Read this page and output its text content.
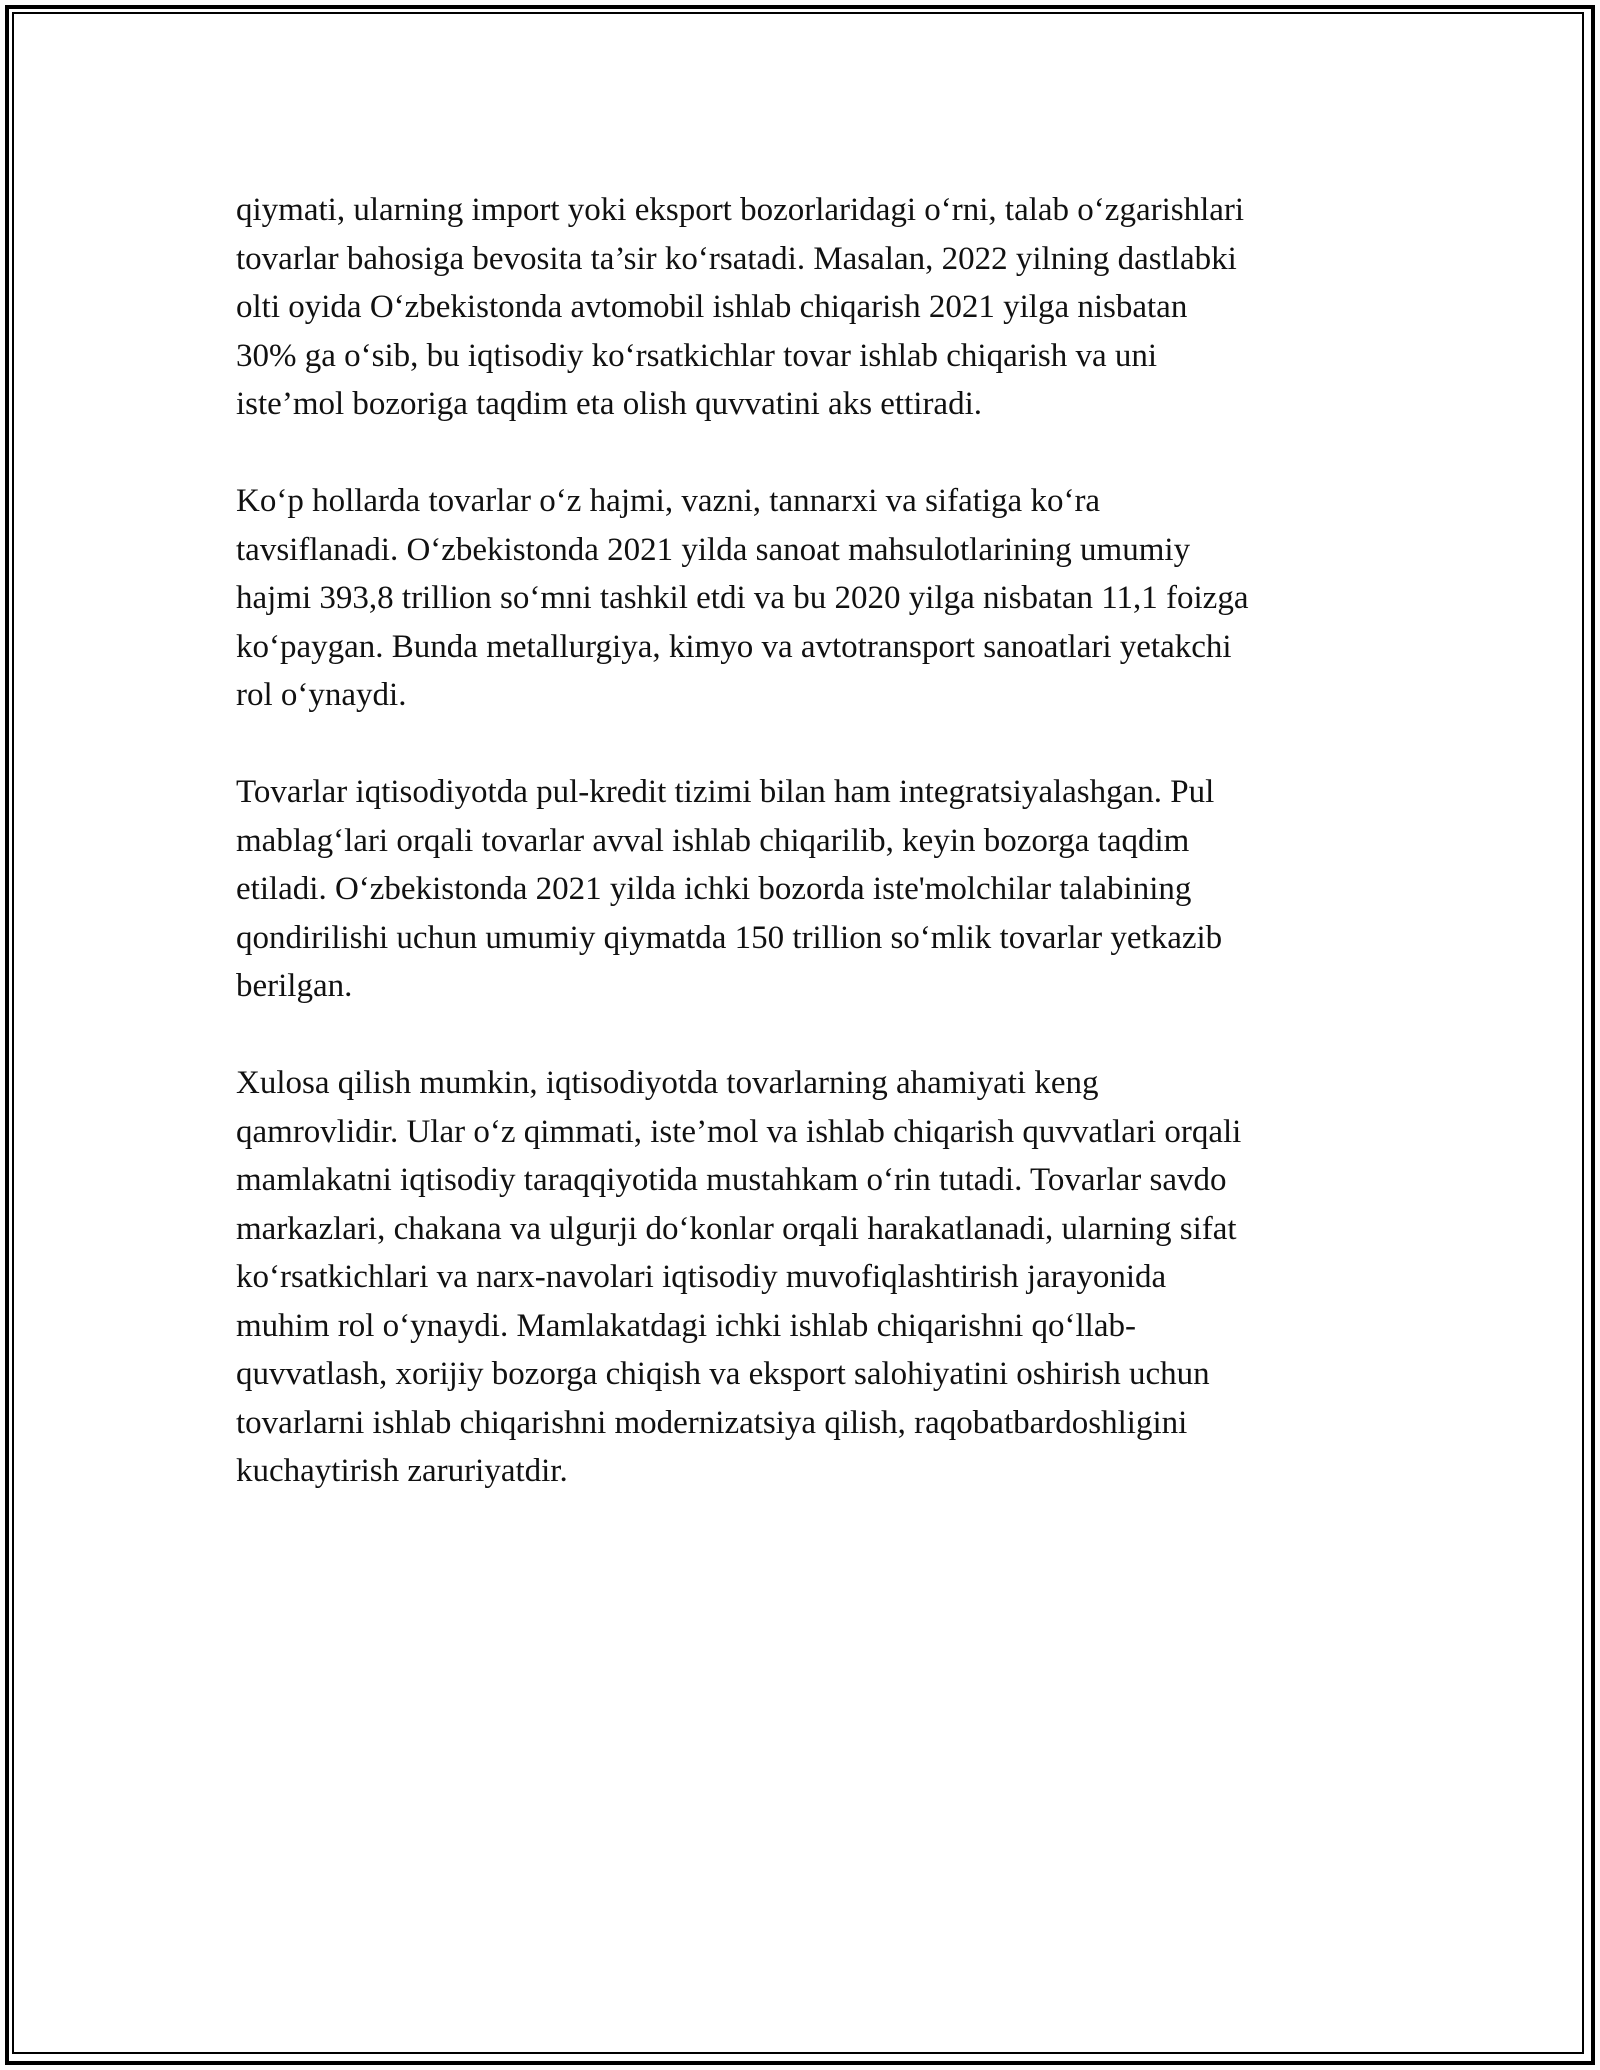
qiymati, ularning import yoki eksport bozorlaridagi o‘rni, talab o‘zgarishlari
tovarlar bahosiga bevosita ta’sir ko‘rsatadi. Masalan, 2022 yilning dastlabki
olti oyida O‘zbekistonda avtomobil ishlab chiqarish 2021 yilga nisbatan
30% ga o‘sib, bu iqtisodiy ko‘rsatkichlar tovar ishlab chiqarish va uni
iste’mol bozoriga taqdim eta olish quvvatini aks ettiradi.

Ko‘p hollarda tovarlar o‘z hajmi, vazni, tannarxi va sifatiga ko‘ra
tavsiflanadi. O‘zbekistonda 2021 yilda sanoat mahsulotlarining umumiy
hajmi 393,8 trillion so‘mni tashkil etdi va bu 2020 yilga nisbatan 11,1 foizga
ko‘paygan. Bunda metallurgiya, kimyo va avtotransport sanoatlari yetakchi
rol o‘ynaydi.

Tovarlar iqtisodiyotda pul-kredit tizimi bilan ham integratsiyalashgan. Pul
mablag‘lari orqali tovarlar avval ishlab chiqarilib, keyin bozorga taqdim
etiladi. O‘zbekistonda 2021 yilda ichki bozorda iste'molchilar talabining
qondirilishi uchun umumiy qiymatda 150 trillion so‘mlik tovarlar yetkazib
berilgan.

Xulosa qilish mumkin, iqtisodiyotda tovarlarning ahamiyati keng
qamrovlidir. Ular o‘z qimmati, iste’mol va ishlab chiqarish quvvatlari orqali
mamlakatni iqtisodiy taraqqiyotida mustahkam o‘rin tutadi. Tovarlar savdo
markazlari, chakana va ulgurji do‘konlar orqali harakatlanadi, ularning sifat
ko‘rsatkichlari va narx-navolari iqtisodiy muvofiqlashtirish jarayonida
muhim rol o‘ynaydi. Mamlakatdagi ichki ishlab chiqarishni qo‘llab-
quvvatlash, xorijiy bozorga chiqish va eksport salohiyatini oshirish uchun
tovarlarni ishlab chiqarishni modernizatsiya qilish, raqobatbardoshligini
kuchaytirish zaruriyatdir.
